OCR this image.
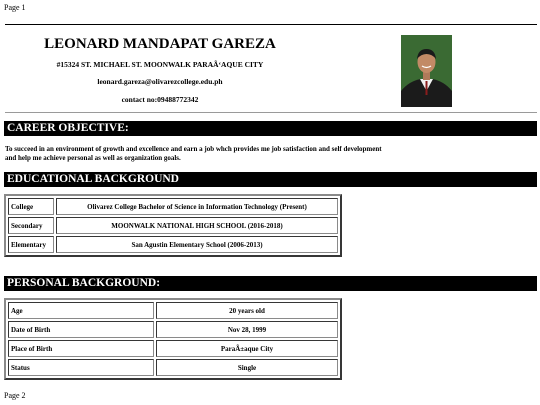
Page 1
LEONARD MANDAPAT GAREZA
#15324 ST. MICHAEL ST. MOONWALK PARAÃ‘AQUE CITY
leonard.gareza@olivarezcollege.edu.ph
contact no:09488772342
CAREER OBJECTIVE:
To succeed in an environment of growth and excellence and earn a job whch provides me job satisfaction and self development and help me achieve personal as well as organization goals.
EDUCATIONAL BACKGROUND
College	Olivarez College Bachelor of Science in Information Technology (Present)
Secondary	MOONWALK NATIONAL HIGH SCHOOL (2016-2018)
Elementary	San Agustin Elementary School (2006-2013)
PERSONAL BACKGROUND:
Age	20 years old
Date of Birth	Nov 28, 1999
Place of Birth	ParaÃ±aque City
Status	Single
Page 2
